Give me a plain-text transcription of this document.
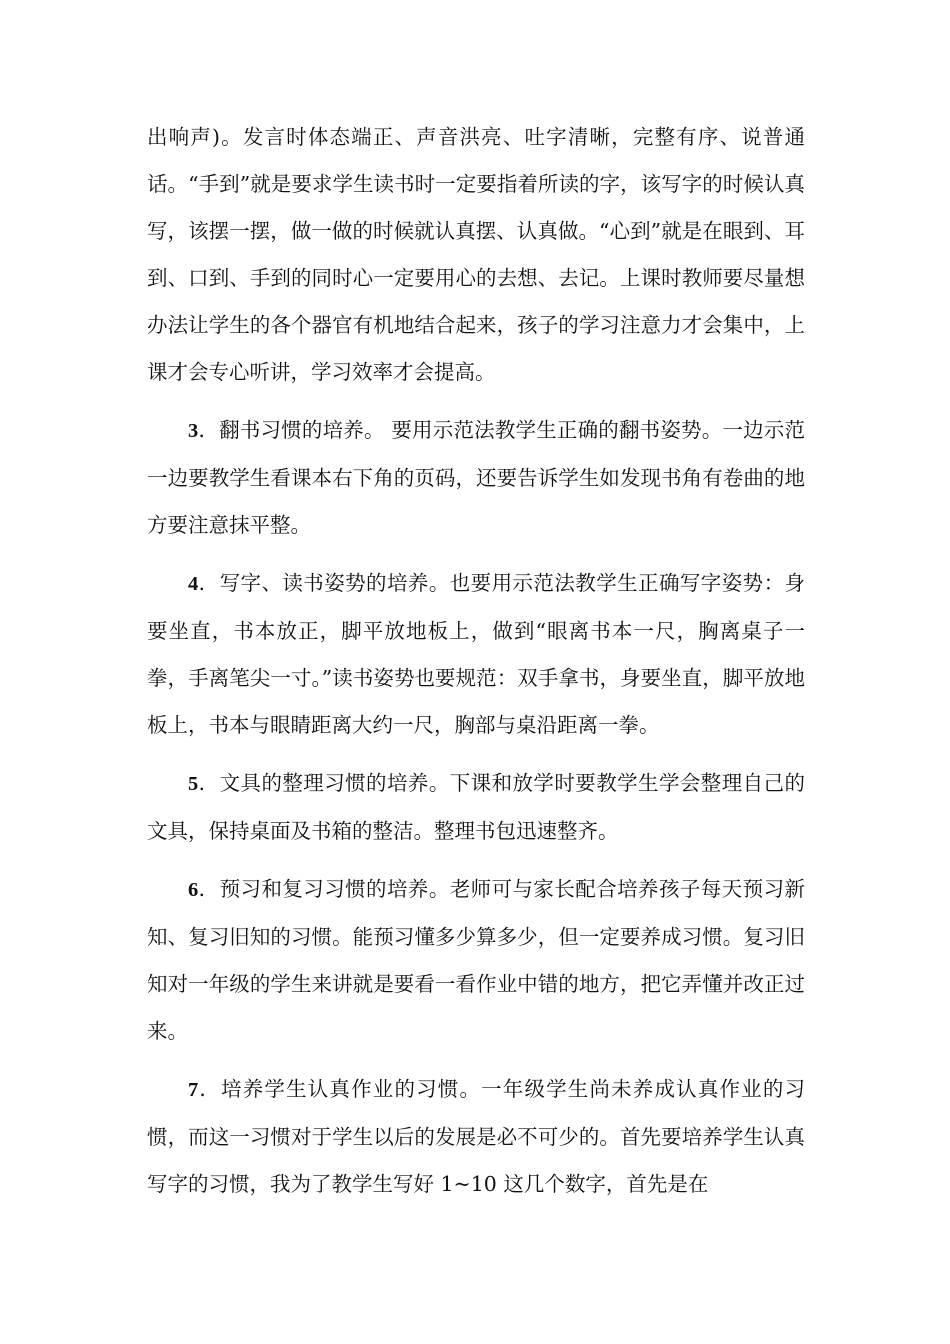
出响声)。发言时体态端正、声音洪亮、吐字清晰，完整有序、说普通话。“手到”就是要求学生读书时一定要指着所读的字，该写字的时候认真写，该摆一摆，做一做的时候就认真摆、认真做。“心到”就是在眼到、耳到、口到、手到的同时心一定要用心的去想、去记。上课时教师要尽量想办法让学生的各个器官有机地结合起来，孩子的学习注意力才会集中，上课才会专心听讲，学习效率才会提高。

3．翻书习惯的培养。 要用示范法教学生正确的翻书姿势。一边示范一边要教学生看课本右下角的页码，还要告诉学生如发现书角有卷曲的地方要注意抹平整。

4．写字、读书姿势的培养。也要用示范法教学生正确写字姿势：身要坐直，书本放正，脚平放地板上，做到“眼离书本一尺，胸离桌子一拳，手离笔尖一寸。”读书姿势也要规范：双手拿书，身要坐直，脚平放地板上，书本与眼睛距离大约一尺，胸部与桌沿距离一拳。

5．文具的整理习惯的培养。下课和放学时要教学生学会整理自己的文具，保持桌面及书箱的整洁。整理书包迅速整齐。

6．预习和复习习惯的培养。老师可与家长配合培养孩子每天预习新知、复习旧知的习惯。能预习懂多少算多少，但一定要养成习惯。复习旧知对一年级的学生来讲就是要看一看作业中错的地方，把它弄懂并改正过来。

7．培养学生认真作业的习惯。一年级学生尚未养成认真作业的习惯，而这一习惯对于学生以后的发展是必不可少的。首先要培养学生认真写字的习惯，我为了教学生写好 1~10 这几个数字，首先是在
